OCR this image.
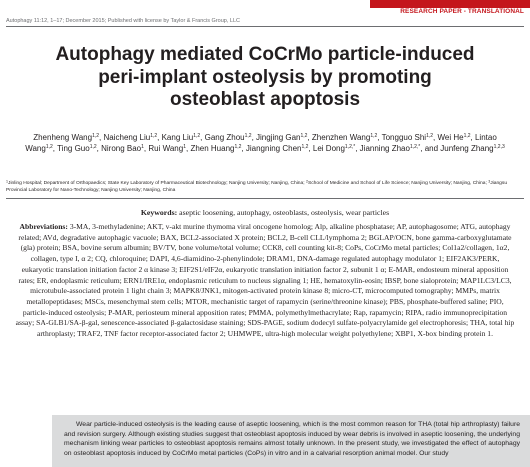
RESEARCH PAPER - TRANSLATIONAL
Autophagy 11:12, 1–17; December 2015; Published with license by Taylor & Francis Group, LLC
Autophagy mediated CoCrMo particle-induced
peri-implant osteolysis by promoting
osteoblast apoptosis
Zhenheng Wang$^{1,2}$, Naicheng Liu$^{1,2}$, Kang Liu$^{1,2}$, Gang Zhou$^{1,2}$, Jingjing Gan$^{1,2}$, Zhenzhen Wang$^{1,2}$, Tongguo Shi$^{1,2}$, Wei He$^{1,2}$, Lintao Wang$^{1,2}$, Ting Guo$^{1,2}$, Nirong Bao$^1$, Rui Wang$^1$, Zhen Huang$^{1,2}$, Jiangning Chen$^{1,2}$, Lei Dong$^{1,2,*}$, Jianning Zhao$^{1,2,*}$, and Junfeng Zhang$^{1,2,3}$
$^1$Jinling Hospital; Department of Orthopaedics; State Key Laboratory of Pharmaceutical Biotechnology; Nanjing University; Nanjing, China; $^2$School of Medicine and School of Life Science; Nanjing University; Nanjing, China; $^3$Jiangsu Provincial Laboratory for Nano-Technology; Nanjing University; Nanjing, China
Keywords: aseptic loosening, autophagy, osteoblasts, osteolysis, wear particles
Abbreviations: 3-MA, 3-methyladenine; AKT, v-akt murine thymoma viral oncogene homolog; Alp, alkaline phosphatase; AP, autophagosome; ATG, autophagy related; AVd, degradative autophagic vacuole; BAX, BCL2-associated X protein; BCL2, B-cell CLL/lymphoma 2; BGLAP/OCN, bone gamma-carboxyglutamate (gla) protein; BSA, bovine serum albumin; BV/TV, bone volume/total volume; CCK8, cell counting kit-8; CoPs, CoCrMo metal particles; Col1a2/collagen, 1α2, collagen, type I, α 2; CQ, chloroquine; DAPI, 4,6-diamidino-2-phenylindole; DRAM1, DNA-damage regulated autophagy modulator 1; EIF2AK3/PERK, eukaryotic translation initiation factor 2 α kinase 3; EIF2S1/eIF2α, eukaryotic translation initiation factor 2, subunit 1 α; E-MAR, endosteum mineral apposition rates; ER, endoplasmic reticulum; ERN1/IRE1α, endoplasmic reticulum to nucleus signaling 1; HE, hematoxylin-eosin; IBSP, bone sialoprotein; MAP1LC3/LC3, microtubule-associated protein 1 light chain 3; MAPK8/JNK1, mitogen-activated protein kinase 8; micro-CT, microcomputed tomography; MMPs, matrix metallopeptidases; MSCs, mesenchymal stem cells; MTOR, mechanistic target of rapamycin (serine/threonine kinase); PBS, phosphate-buffered saline; PIO, particle-induced osteolysis; P-MAR, periosteum mineral apposition rates; PMMA, polymethylmethacrylate; Rap, rapamycin; RIPA, radio immunoprecipitation assay; SA-GLB1/SA-β-gal, senescence-associated β-galactosidase staining; SDS-PAGE, sodium dodecyl sulfate-polyacrylamide gel electrophoresis; THA, total hip arthroplasty; TRAF2, TNF factor receptor-associated factor 2; UHMWPE, ultra-high molecular weight polyethylene; XBP1, X-box binding protein 1.
Wear particle-induced osteolysis is the leading cause of aseptic loosening, which is the most common reason for THA (total hip arthroplasty) failure and revision surgery. Although existing studies suggest that osteoblast apoptosis induced by wear debris is involved in aseptic loosening, the underlying mechanism linking wear particles to osteoblast apoptosis remains almost totally unknown. In the present study, we investigated the effect of autophagy on osteoblast apoptosis induced by CoCrMo metal particles (CoPs) in vitro and in a calvarial resorption animal model. Our study
